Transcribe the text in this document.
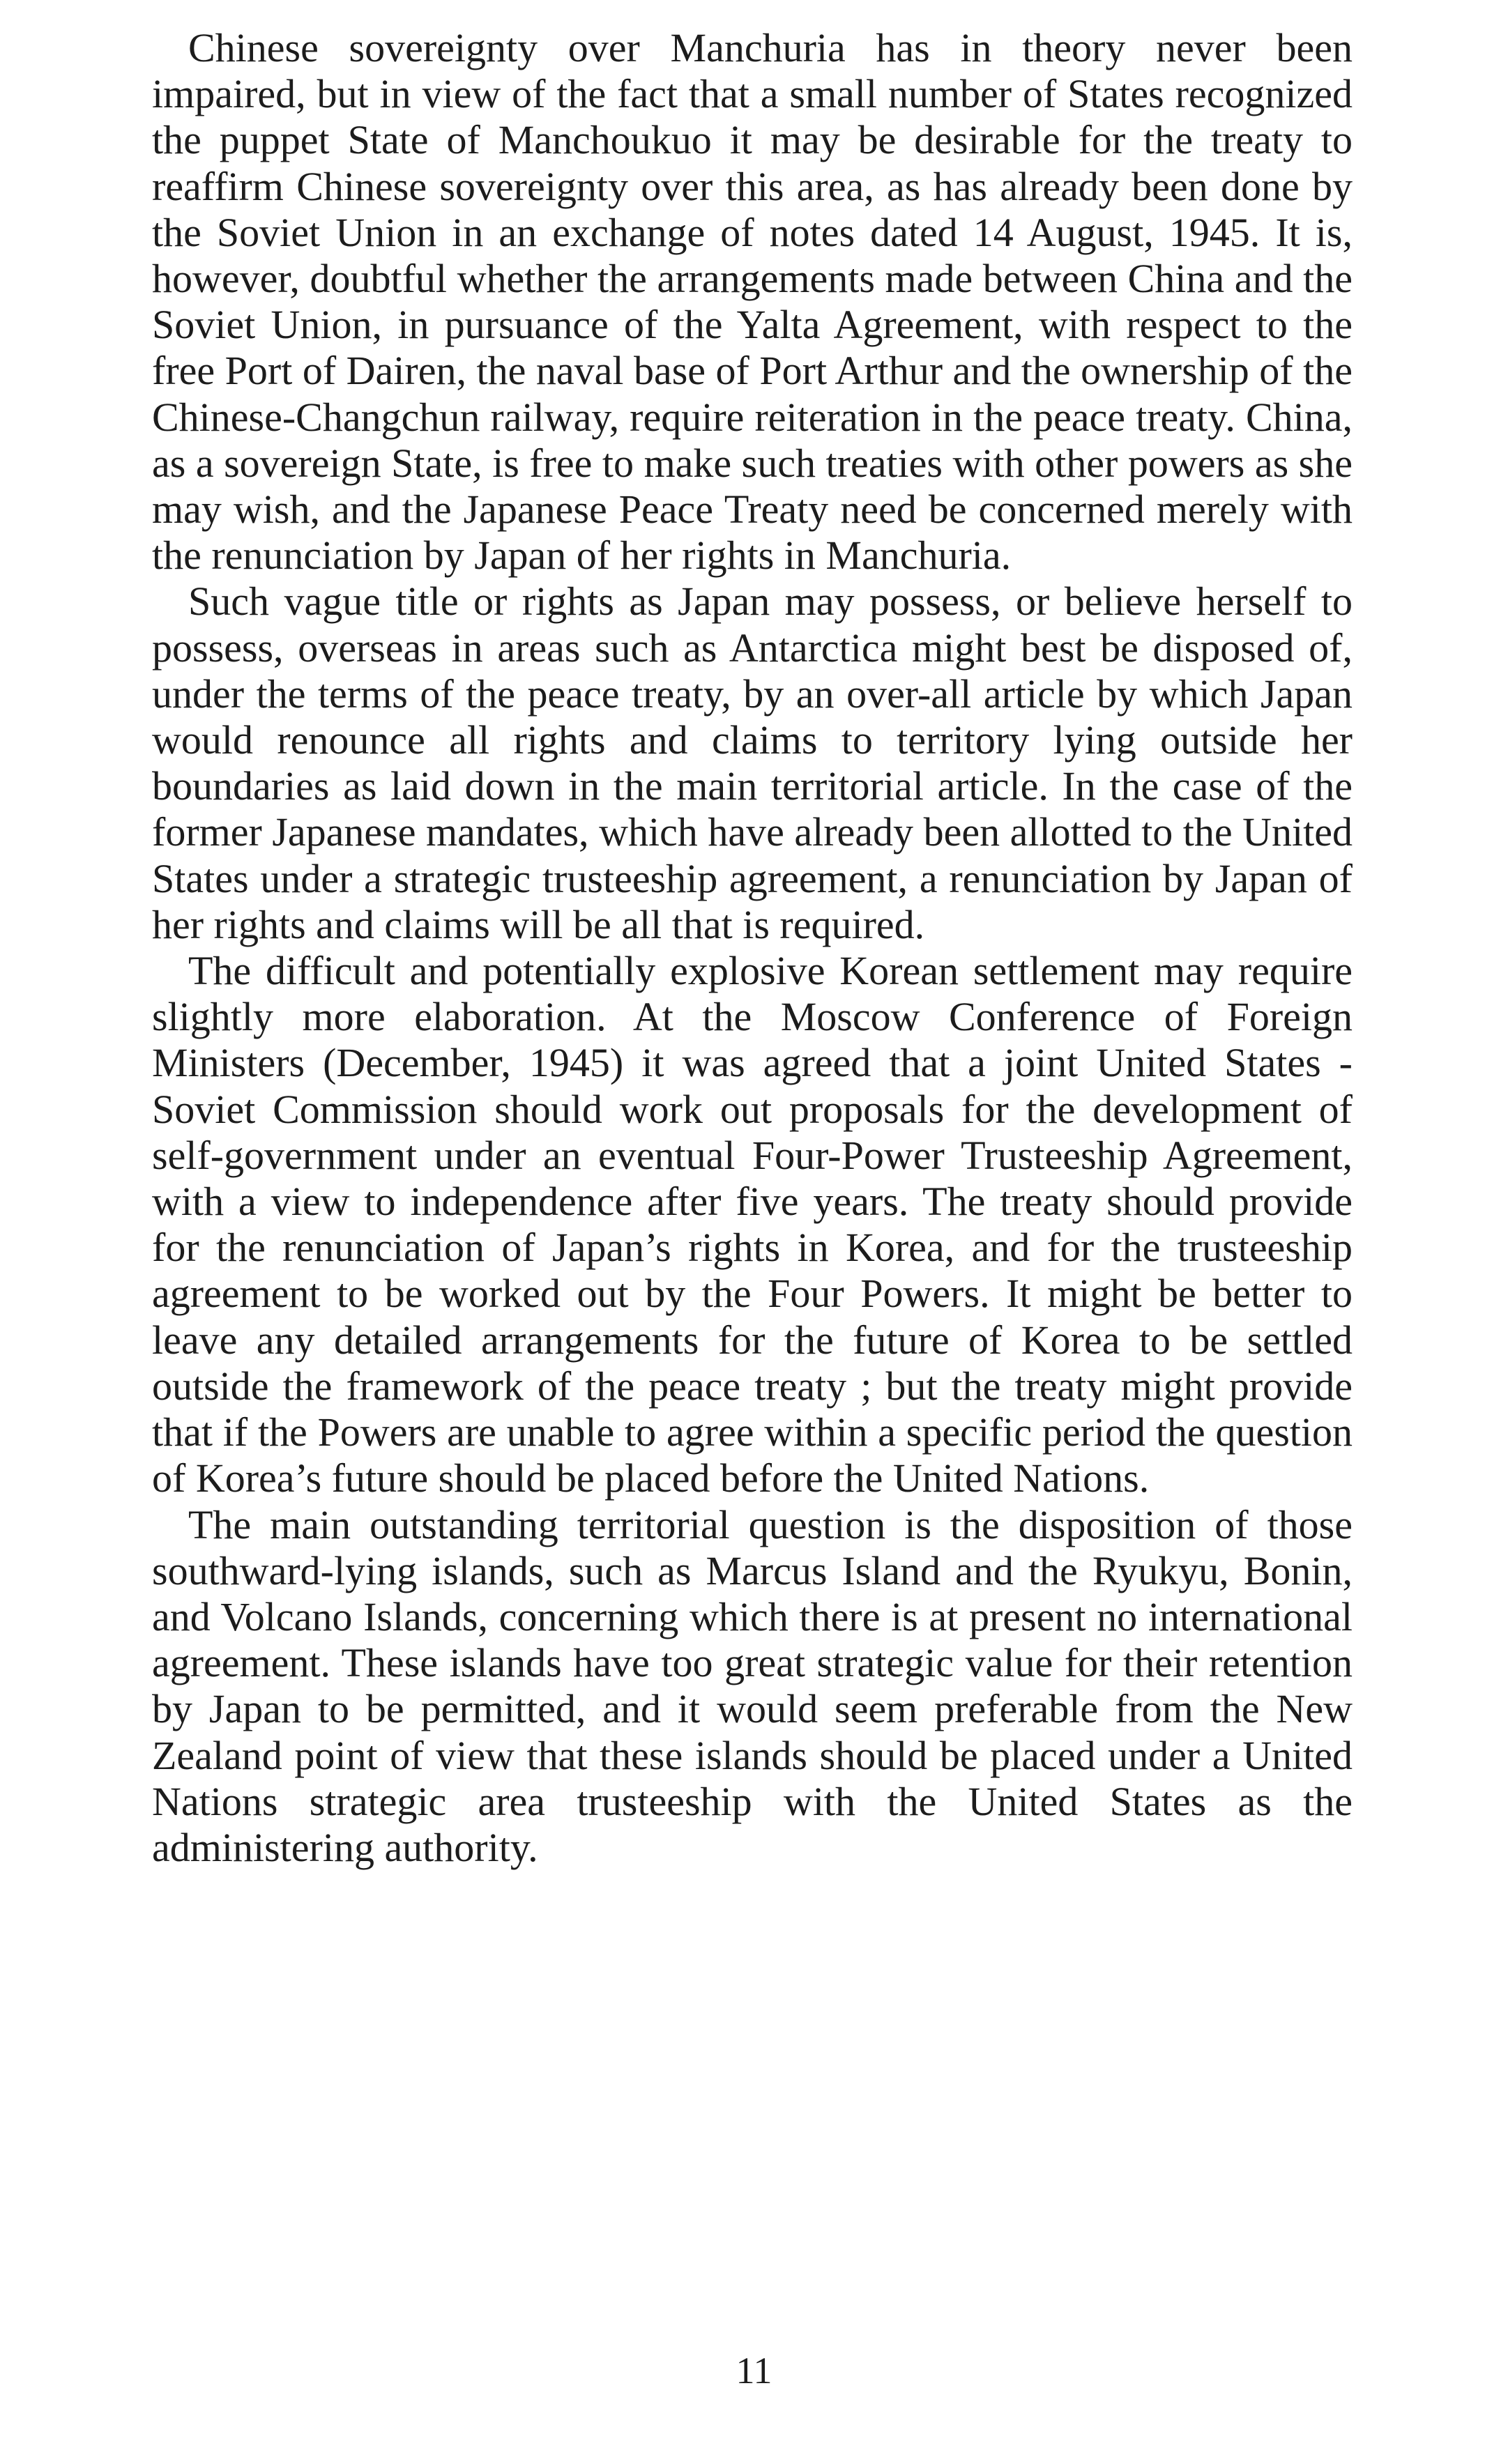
Chinese sovereignty over Manchuria has in theory never been impaired, but in view of the fact that a small number of States recognized the puppet State of Manchoukuo it may be desirable for the treaty to reaffirm Chinese sovereignty over this area, as has already been done by the Soviet Union in an exchange of notes dated 14 August, 1945. It is, however, doubtful whether the arrangements made between China and the Soviet Union, in pursuance of the Yalta Agreement, with respect to the free Port of Dairen, the naval base of Port Arthur and the ownership of the Chinese-Changchun railway, require reiteration in the peace treaty. China, as a sovereign State, is free to make such treaties with other powers as she may wish, and the Japanese Peace Treaty need be concerned merely with the renunciation by Japan of her rights in Manchuria.

Such vague title or rights as Japan may possess, or believe herself to possess, overseas in areas such as Antarctica might best be disposed of, under the terms of the peace treaty, by an over-all article by which Japan would renounce all rights and claims to territory lying outside her boundaries as laid down in the main territorial article. In the case of the former Japanese mandates, which have already been allotted to the United States under a strategic trusteeship agreement, a renunciation by Japan of her rights and claims will be all that is required.

The difficult and potentially explosive Korean settlement may require slightly more elaboration. At the Moscow Conference of Foreign Ministers (December, 1945) it was agreed that a joint United States - Soviet Commission should work out proposals for the development of self-government under an eventual Four-Power Trusteeship Agreement, with a view to independence after five years. The treaty should provide for the renunciation of Japan’s rights in Korea, and for the trusteeship agreement to be worked out by the Four Powers. It might be better to leave any detailed arrangements for the future of Korea to be settled outside the framework of the peace treaty ; but the treaty might provide that if the Powers are unable to agree within a specific period the question of Korea’s future should be placed before the United Nations.

The main outstanding territorial question is the disposition of those southward-lying islands, such as Marcus Island and the Ryukyu, Bonin, and Volcano Islands, concerning which there is at present no international agreement. These islands have too great strategic value for their retention by Japan to be permitted, and it would seem preferable from the New Zealand point of view that these islands should be placed under a United Nations strategic area trusteeship with the United States as the administering authority.

11
